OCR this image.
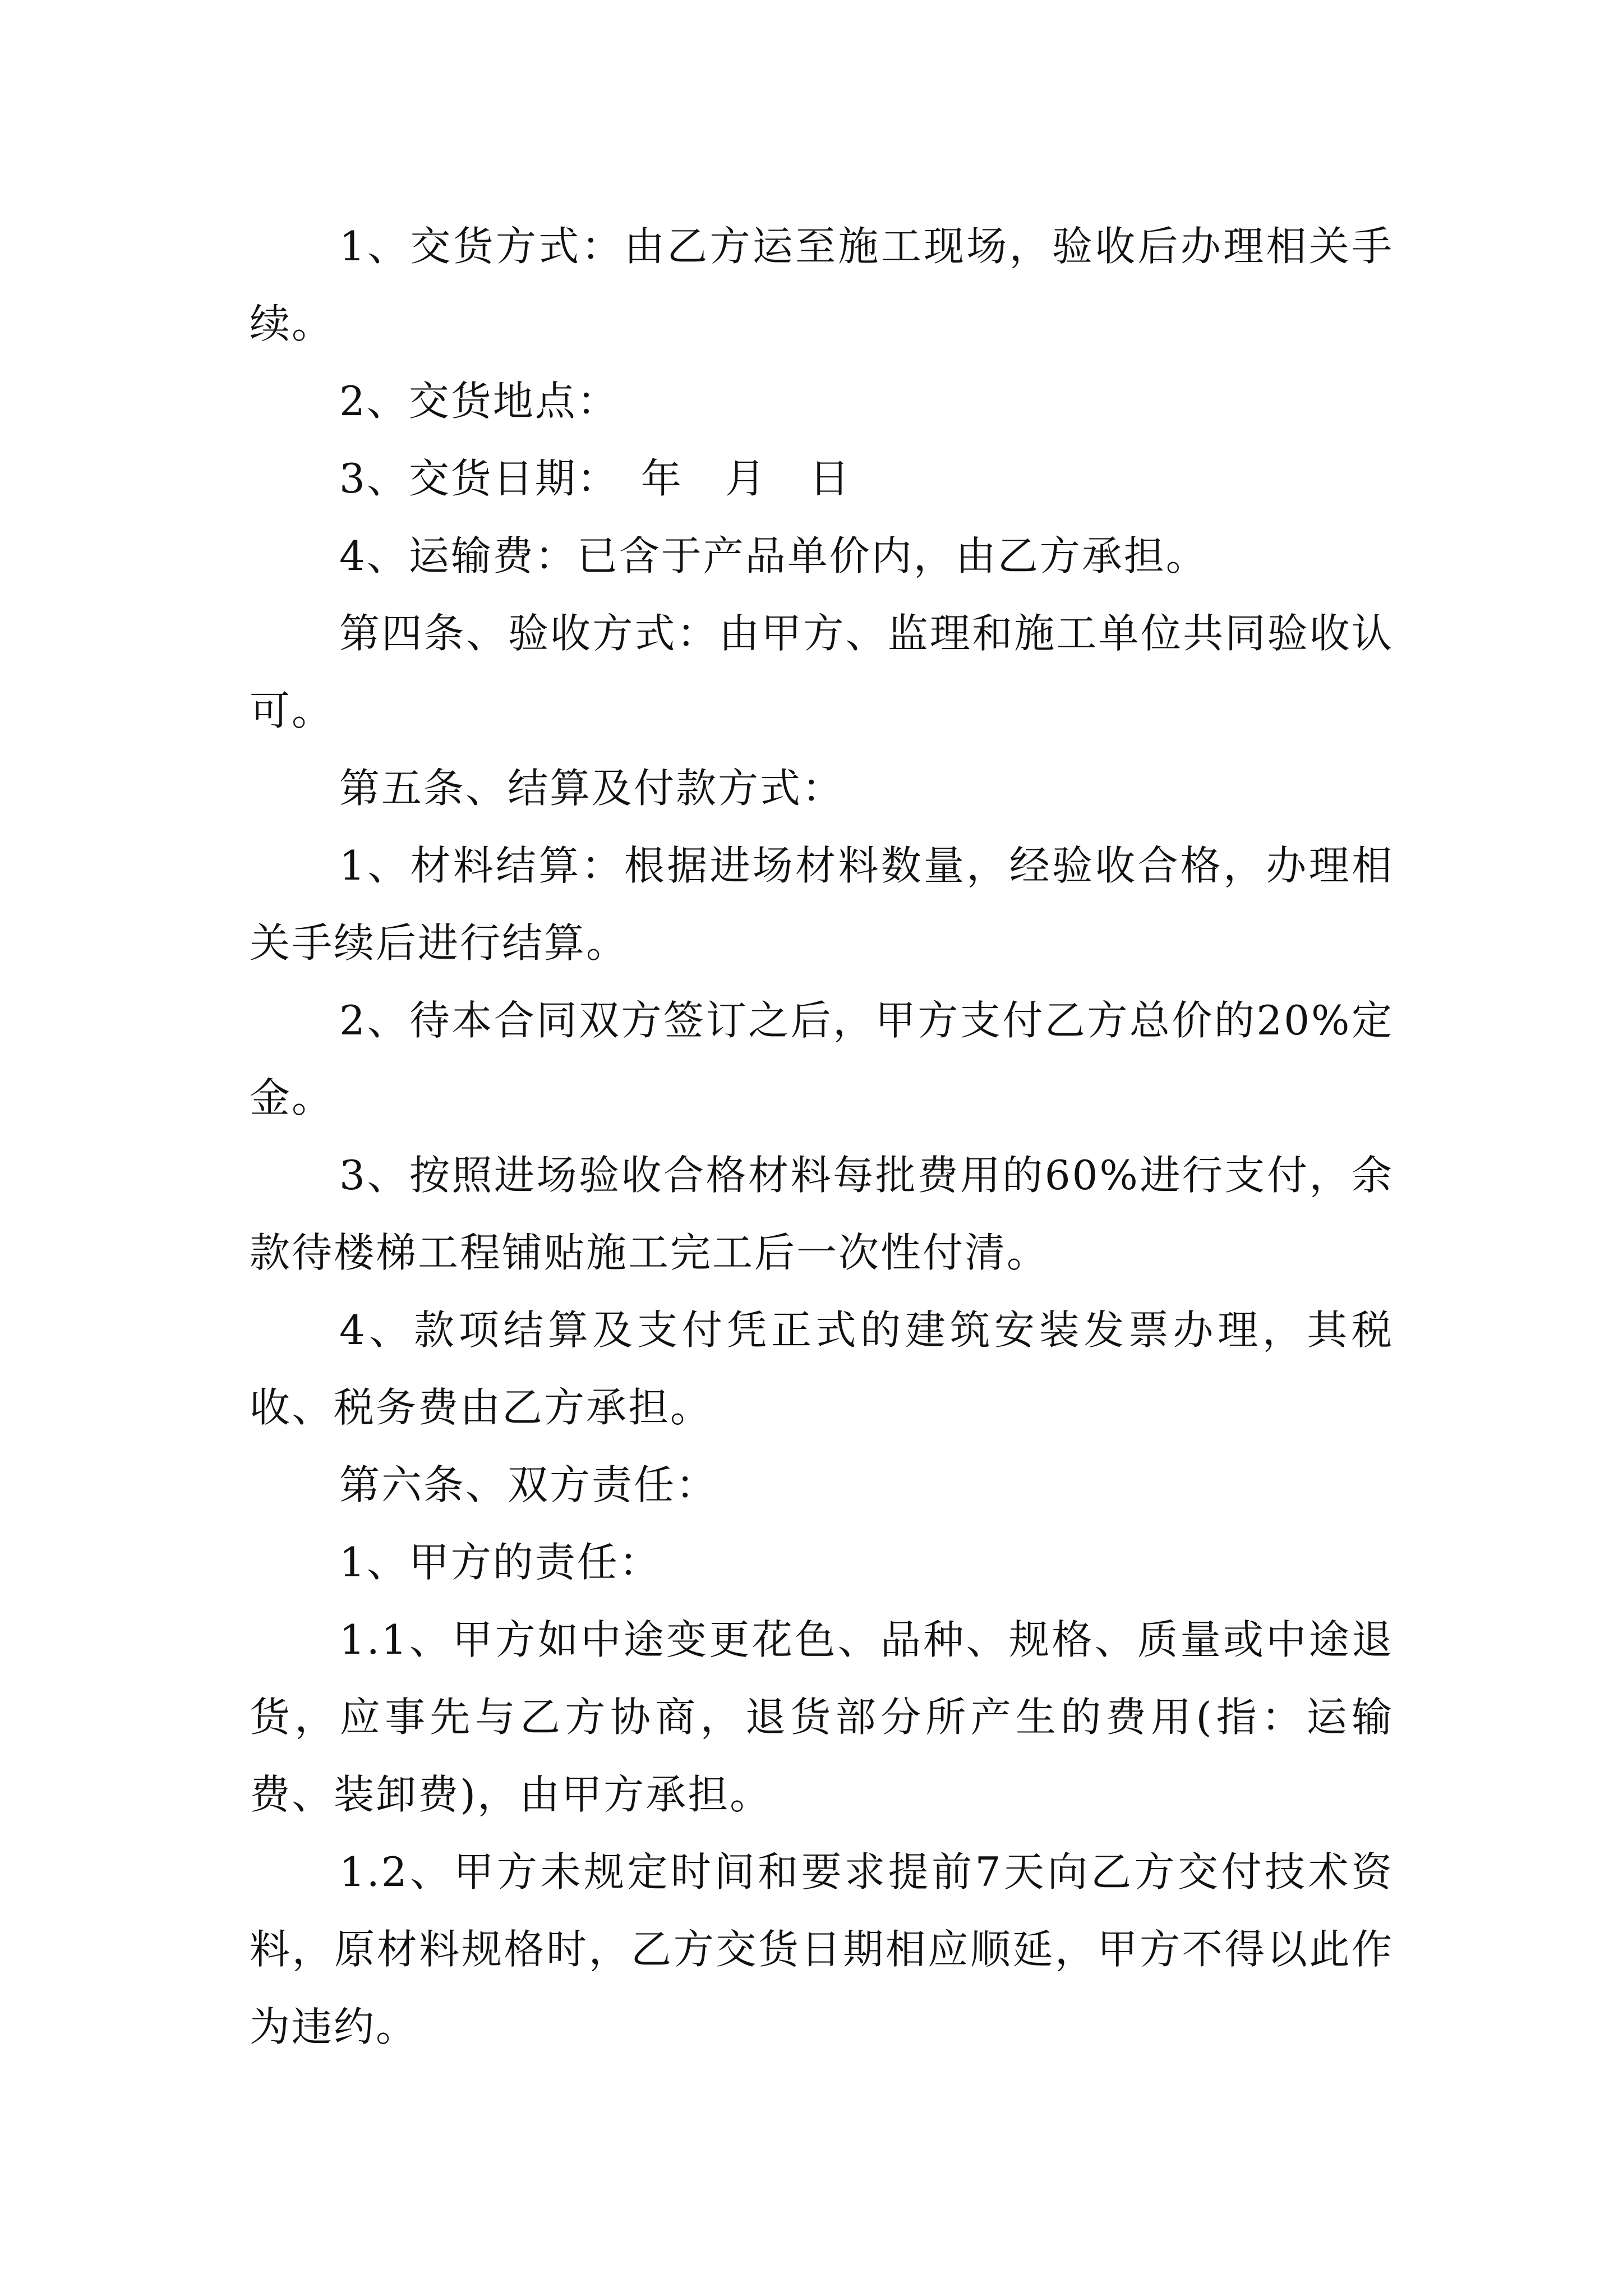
1、交货方式：由乙方运至施工现场，验收后办理相关手续。

2、交货地点：

3、交货日期：　年　月　日

4、运输费：已含于产品单价内，由乙方承担。

第四条、验收方式：由甲方、监理和施工单位共同验收认可。

第五条、结算及付款方式：

1、材料结算：根据进场材料数量，经验收合格，办理相关手续后进行结算。

2、待本合同双方签订之后，甲方支付乙方总价的20%定金。

3、按照进场验收合格材料每批费用的60%进行支付，余款待楼梯工程铺贴施工完工后一次性付清。

4、款项结算及支付凭正式的建筑安装发票办理，其税收、税务费由乙方承担。

第六条、双方责任：

1、甲方的责任：

1.1、甲方如中途变更花色、品种、规格、质量或中途退货，应事先与乙方协商，退货部分所产生的费用(指：运输费、装卸费)，由甲方承担。

1.2、甲方未规定时间和要求提前7天向乙方交付技术资料，原材料规格时，乙方交货日期相应顺延，甲方不得以此作为违约。
